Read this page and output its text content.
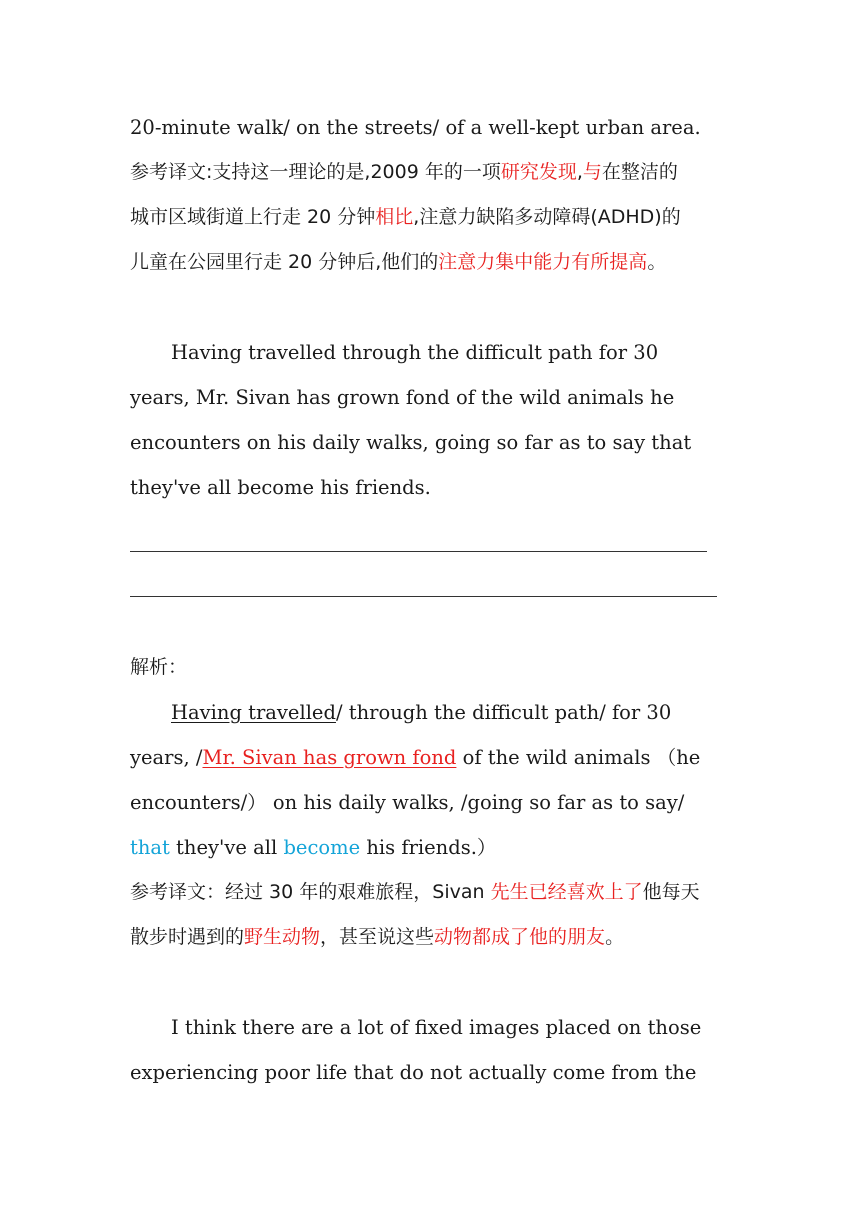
20-minute walk/ on the streets/ of a well-kept urban area.
参考译文:支持这一理论的是,2009 年的一项研究发现,与在整洁的
城市区域街道上行走 20 分钟相比,注意力缺陷多动障碍(ADHD)的
儿童在公园里行走 20 分钟后,他们的注意力集中能力有所提高。
Having travelled through the difficult path for 30
years, Mr. Sivan has grown fond of the wild animals he
encounters on his daily walks, going so far as to say that
they've all become his friends.
解析：
Having travelled/ through the difficult path/ for 30
years, /Mr. Sivan has grown fond of the wild animals （he
encounters/） on his daily walks, /going so far as to say/
that they've all become his friends.）
参考译文：经过 30 年的艰难旅程，Sivan 先生已经喜欢上了他每天
散步时遇到的野生动物，甚至说这些动物都成了他的朋友。
I think there are a lot of fixed images placed on those
experiencing poor life that do not actually come from the
